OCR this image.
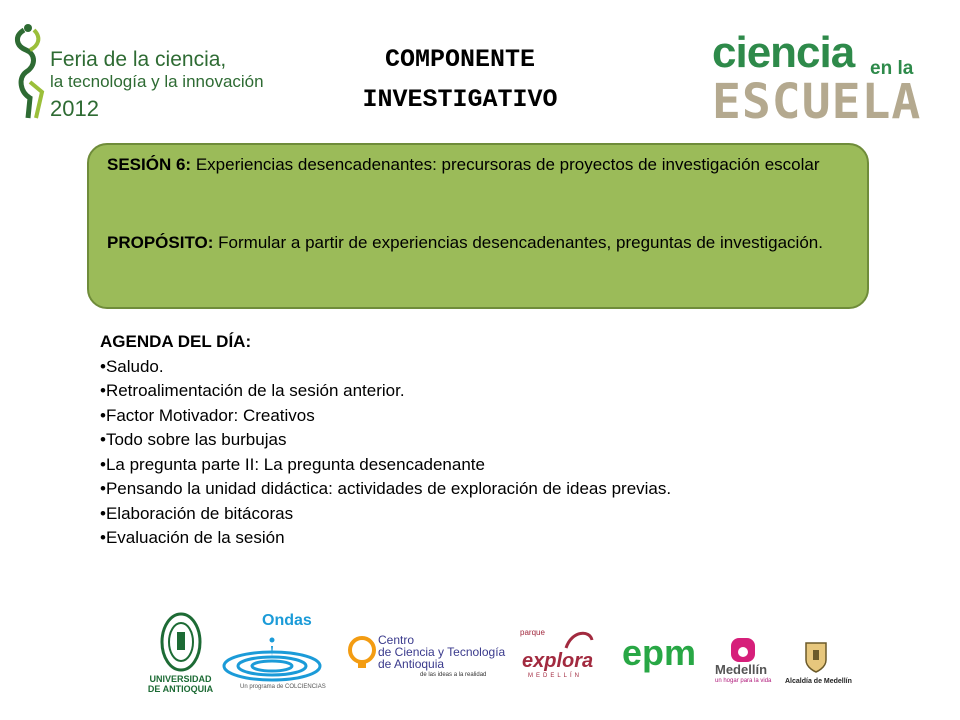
Feria de la ciencia,
la tecnología y la innovación
2012
COMPONENTE
INVESTIGATIVO
ciencia en la
ESCUELA

SESIÓN 6: Experiencias desencadenantes: precursoras de proyectos de investigación escolar

PROPÓSITO: Formular a partir de experiencias desencadenantes, preguntas de investigación.

AGENDA DEL DÍA:
•Saludo.
•Retroalimentación de la sesión anterior.
•Factor Motivador: Creativos
•Todo sobre las burbujas
•La pregunta parte II: La pregunta desencadenante
•Pensando la unidad didáctica: actividades de exploración de ideas previas.
•Elaboración de bitácoras
•Evaluación de la sesión
UNIVERSIDAD
DE ANTIOQUIA
Ondas
Un programa de COLCIENCIAS
Centro
de Ciencia y Tecnología
de Antioquia
de las ideas a la realidad
parque
explora
MEDELLÍN
epm Medellín
un hogar para la vida Alcaldía de Medellín
